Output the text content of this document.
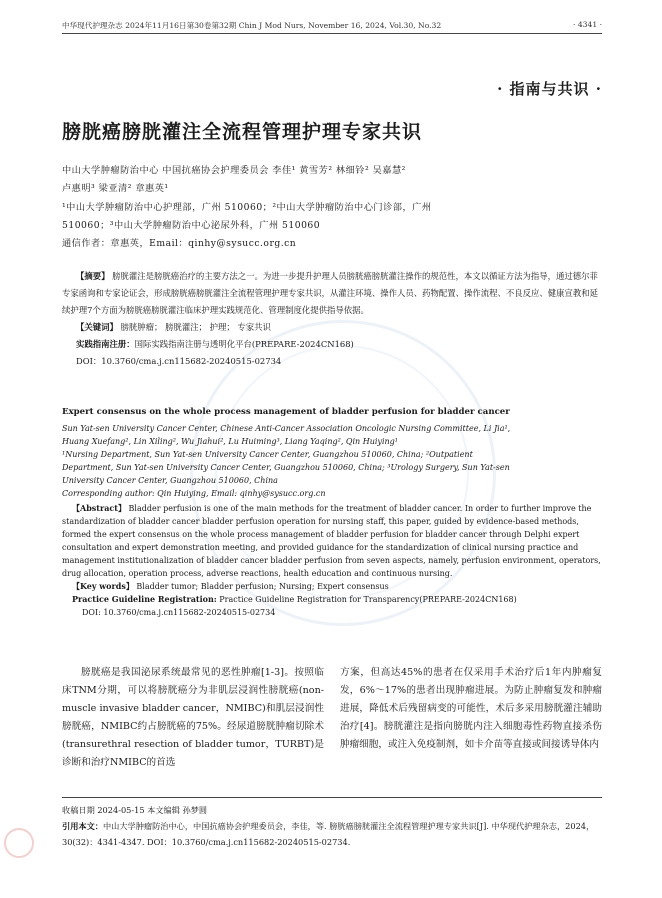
中华现代护理杂志 2024年11月16日第30卷第32期 Chin J Mod Nurs, November 16, 2024, Vol.30, No.32	· 4341 ·
· 指南与共识 ·
膀胱癌膀胱灌注全流程管理护理专家共识
中山大学肿瘤防治中心 中国抗癌协会护理委员会 李佳¹ 黄雪芳² 林细铃² 吴嘉慧²
卢惠明³ 梁亚清² 章惠英¹
¹中山大学肿瘤防治中心护理部，广州 510060；²中山大学肿瘤防治中心门诊部，广州
510060；³中山大学肿瘤防治中心泌尿外科，广州 510060
通信作者：章惠英，Email：qinhy@sysucc.org.cn

【摘要】 膀胱灌注是膀胱癌治疗的主要方法之一。为进一步提升护理人员膀胱癌膀胱灌注操作的规范性，本文以循证方法为指导，通过德尔菲专家函询和专家论证会，形成膀胱癌膀胱灌注全流程管理护理专家共识，从灌注环境、操作人员、药物配置、操作流程、不良反应、健康宣教和延续护理7个方面为膀胱癌膀胱灌注临床护理实践规范化、管理制度化提供指导依据。

【关键词】 膀胱肿瘤； 膀胱灌注； 护理； 专家共识
实践指南注册：国际实践指南注册与透明化平台(PREPARE-2024CN168)
DOI：10.3760/cma.j.cn115682-20240515-02734

Expert consensus on the whole process management of bladder perfusion for bladder cancer

Sun Yat-sen University Cancer Center, Chinese Anti-Cancer Association Oncologic Nursing Committee, Li Jia¹,

Huang Xuefang², Lin Xiling², Wu Jiahui², Lu Huiming³, Liang Yaqing², Qin Huiying¹

¹Nursing Department, Sun Yat-sen University Cancer Center, Guangzhou 510060, China; ²Outpatient

Department, Sun Yat-sen University Cancer Center, Guangzhou 510060, China; ³Urology Surgery, Sun Yat-sen

University Cancer Center, Guangzhou 510060, China

Corresponding author: Qin Huiying, Email: qinhy@sysucc.org.cn

【Abstract】 Bladder perfusion is one of the main methods for the treatment of bladder cancer. In order to further improve the standardization of bladder cancer bladder perfusion operation for nursing staff, this paper, guided by evidence-based methods, formed the expert consensus on the whole process management of bladder perfusion for bladder cancer through Delphi expert consultation and expert demonstration meeting, and provided guidance for the standardization of clinical nursing practice and management institutionalization of bladder cancer bladder perfusion from seven aspects, namely, perfusion environment, operators, drug allocation, operation process, adverse reactions, health education and continuous nursing.

【Key words】 Bladder tumor; Bladder perfusion; Nursing; Expert consensus

Practice Guideline Registration: Practice Guideline Registration for Transparency(PREPARE-2024CN168)

DOI: 10.3760/cma.j.cn115682-20240515-02734

膀胱癌是我国泌尿系统最常见的恶性肿瘤[1-3]。按照临床TNM分期，可以将膀胱癌分为非肌层浸润性膀胱癌(non-muscle invasive bladder cancer，NMIBC)和肌层浸润性膀胱癌，NMIBC约占膀胱癌的75%。经尿道膀胱肿瘤切除术(transurethral resection of bladder tumor，TURBT)是诊断和治疗NMIBC的首选

方案，但高达45%的患者在仅采用手术治疗后1年内肿瘤复发，6%～17%的患者出现肿瘤进展。为防止肿瘤复发和肿瘤进展，降低术后残留病变的可能性，术后多采用膀胱灌注辅助治疗[4]。膀胱灌注是指向膀胱内注入细胞毒性药物直接杀伤肿瘤细胞，或注入免疫制剂，如卡介苗等直接或间接诱导体内

收稿日期 2024-05-15 本文编辑 孙梦圆

引用本文：中山大学肿瘤防治中心，中国抗癌协会护理委员会，李佳，等. 膀胱癌膀胱灌注全流程管理护理专家共识[J]. 中华现代护理杂志，2024，30(32)：4341-4347. DOI：10.3760/cma.j.cn115682-20240515-02734.
